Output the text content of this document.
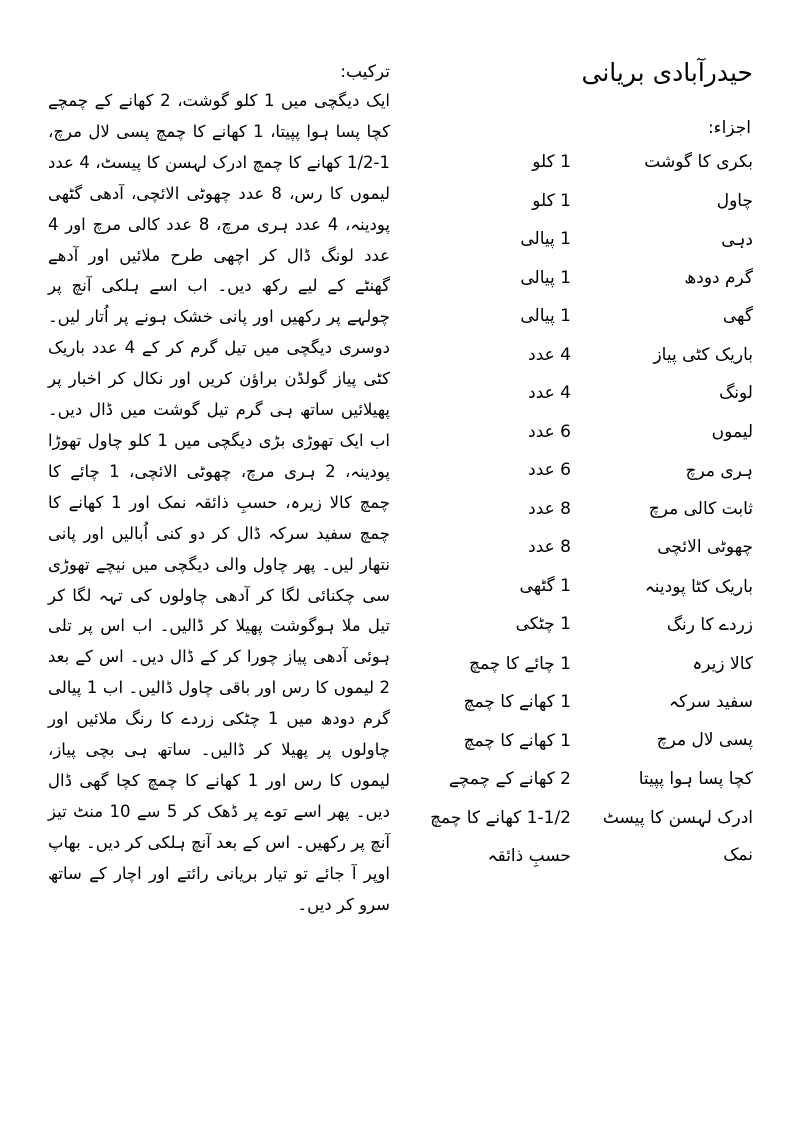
حیدرآبادی بریانی
اجزاء:
بکری کا گوشت
1 کلو
چاول
1 کلو
دہی
1 پیالی
گرم دودھ
1 پیالی
گھی
1 پیالی
باریک کٹی پیاز
4 عدد
لونگ
4 عدد
لیموں
6 عدد
ہری مرچ
6 عدد
ثابت کالی مرچ
8 عدد
چھوٹی الائچی
8 عدد
باریک کٹا پودینہ
1 گٹھی
زردے کا رنگ
1 چٹکی
کالا زیرہ
1 چائے کا چمچ
سفید سرکہ
1 کھانے کا چمچ
پسی لال مرچ
1 کھانے کا چمچ
کچا پسا ہوا پپیتا
2 کھانے کے چمچے
ادرک لہسن کا پیسٹ
1-1/2 کھانے کا چمچ
نمک
حسبِ ذائقہ

ترکیب:

ایک دیگچی میں 1 کلو گوشت، 2 کھانے کے چمچے کچا پسا ہوا پپیتا، 1 کھانے کا چمچ پسی لال مرچ، 1-1/2 کھانے کا چمچ ادرک لہسن کا پیسٹ، 4 عدد لیموں کا رس، 8 عدد چھوٹی الائچی، آدھی گٹھی پودینہ، 4 عدد ہری مرچ، 8 عدد کالی مرچ اور 4 عدد لونگ ڈال کر اچھی طرح ملائیں اور آدھے گھنٹے کے لیے رکھ دیں۔ اب اسے ہلکی آنچ پر چولہے پر رکھیں اور پانی خشک ہونے پر اُتار لیں۔ دوسری دیگچی میں تیل گرم کر کے 4 عدد باریک کٹی پیاز گولڈن براؤن کریں اور نکال کر اخبار پر پھیلائیں ساتھ ہی گرم تیل گوشت میں ڈال دیں۔ اب ایک تھوڑی بڑی دیگچی میں 1 کلو چاول تھوڑا پودینہ، 2 ہری مرچ، چھوٹی الائچی، 1 چائے کا چمچ کالا زیرہ، حسبِ ذائقہ نمک اور 1 کھانے کا چمچ سفید سرکہ ڈال کر دو کنی اُبالیں اور پانی نتھار لیں۔ پھر چاول والی دیگچی میں نیچے تھوڑی سی چکنائی لگا کر آدھی چاولوں کی تہہ لگا کر تیل ملا ہوگوشت پھیلا کر ڈالیں۔ اب اس پر تلی ہوئی آدھی پیاز چورا کر کے ڈال دیں۔ اس کے بعد 2 لیموں کا رس اور باقی چاول ڈالیں۔ اب 1 پیالی گرم دودھ میں 1 چٹکی زردے کا رنگ ملائیں اور چاولوں پر پھیلا کر ڈالیں۔ ساتھ ہی بچی پیاز، لیموں کا رس اور 1 کھانے کا چمچ کچا گھی ڈال دیں۔ پھر اسے توے پر ڈھک کر 5 سے 10 منٹ تیز آنچ پر رکھیں۔ اس کے بعد آنچ ہلکی کر دیں۔ بھاپ اوپر آ جائے تو تیار بریانی رائتے اور اچار کے ساتھ سرو کر دیں۔
